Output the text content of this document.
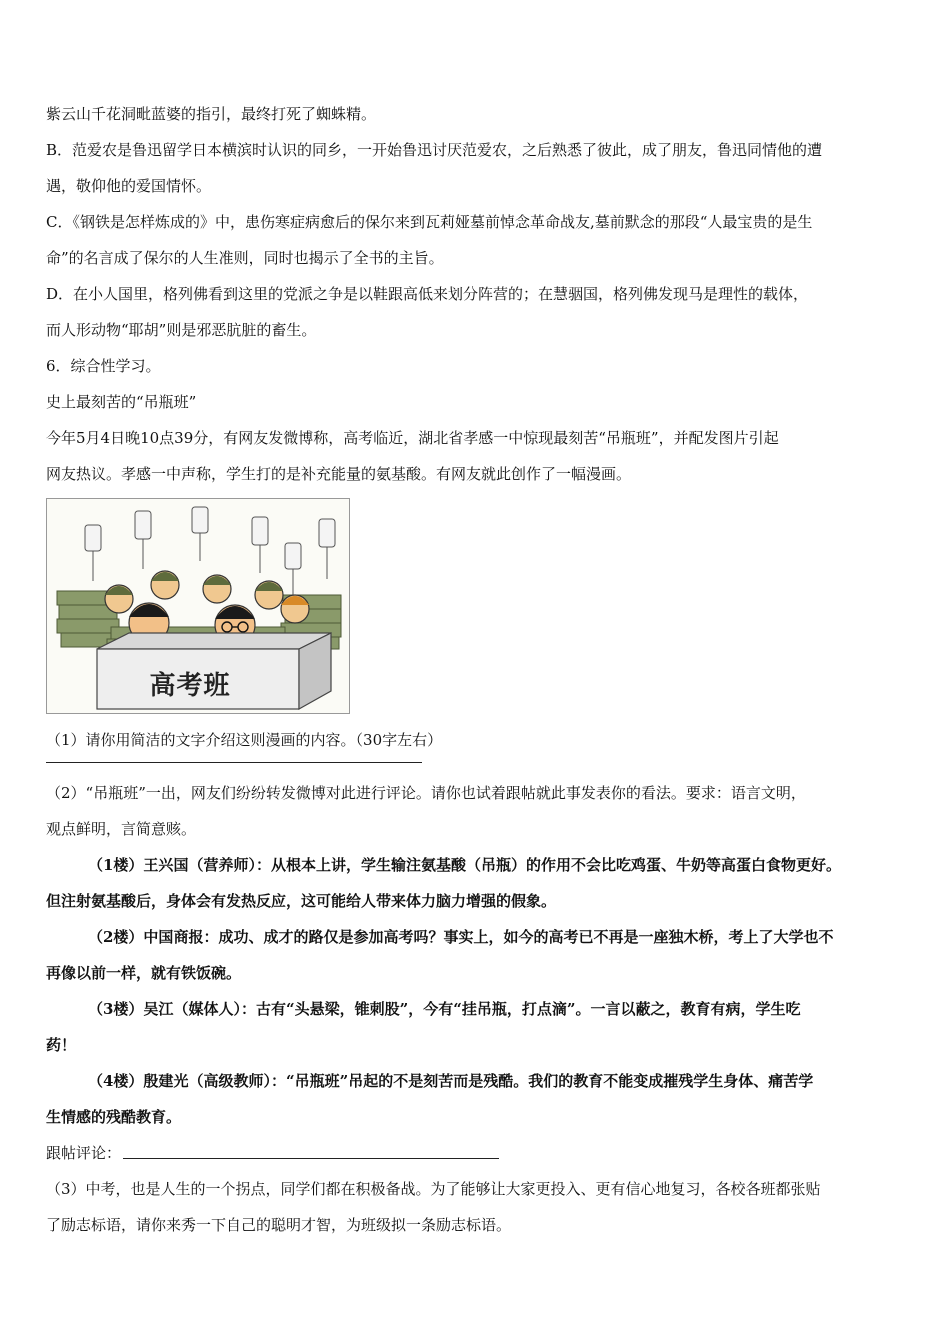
紫云山千花洞毗蓝婆的指引，最终打死了蜘蛛精。

B．范爱农是鲁迅留学日本横滨时认识的同乡，一开始鲁迅讨厌范爱农，之后熟悉了彼此，成了朋友，鲁迅同情他的遭

遇，敬仰他的爱国情怀。

C．《钢铁是怎样炼成的》中，患伤寒症病愈后的保尔来到瓦莉娅墓前悼念革命战友,墓前默念的那段“人最宝贵的是生

命”的名言成了保尔的人生准则，同时也揭示了全书的主旨。

D．在小人国里，格列佛看到这里的党派之争是以鞋跟高低来划分阵营的；在慧骃国，格列佛发现马是理性的载体，

而人形动物“耶胡”则是邪恶肮脏的畜生。

6．综合性学习。

史上最刻苦的“吊瓶班”

今年5月4日晚10点39分，有网友发微博称，高考临近，湖北省孝感一中惊现最刻苦“吊瓶班”，并配发图片引起

网友热议。孝感一中声称，学生打的是补充能量的氨基酸。有网友就此创作了一幅漫画。

高考班

（1）请你用简洁的文字介绍这则漫画的内容。（30字左右）

（2）“吊瓶班”一出，网友们纷纷转发微博对此进行评论。请你也试着跟帖就此事发表你的看法。要求：语言文明，

观点鲜明，言简意赅。

（1楼）王兴国（营养师）：从根本上讲，学生输注氨基酸（吊瓶）的作用不会比吃鸡蛋、牛奶等高蛋白食物更好。

但注射氨基酸后，身体会有发热反应，这可能给人带来体力脑力增强的假象。

（2楼）中国商报：成功、成才的路仅是参加高考吗？事实上，如今的高考已不再是一座独木桥，考上了大学也不

再像以前一样，就有铁饭碗。

（3楼）吴江（媒体人）：古有“头悬梁，锥刺股”，今有“挂吊瓶，打点滴”。一言以蔽之，教育有病，学生吃

药！

（4楼）殷建光（高级教师）：“吊瓶班”吊起的不是刻苦而是残酷。我们的教育不能变成摧残学生身体、痛苦学

生情感的残酷教育。

跟帖评论：

（3）中考，也是人生的一个拐点，同学们都在积极备战。为了能够让大家更投入、更有信心地复习，各校各班都张贴

了励志标语，请你来秀一下自己的聪明才智，为班级拟一条励志标语。
